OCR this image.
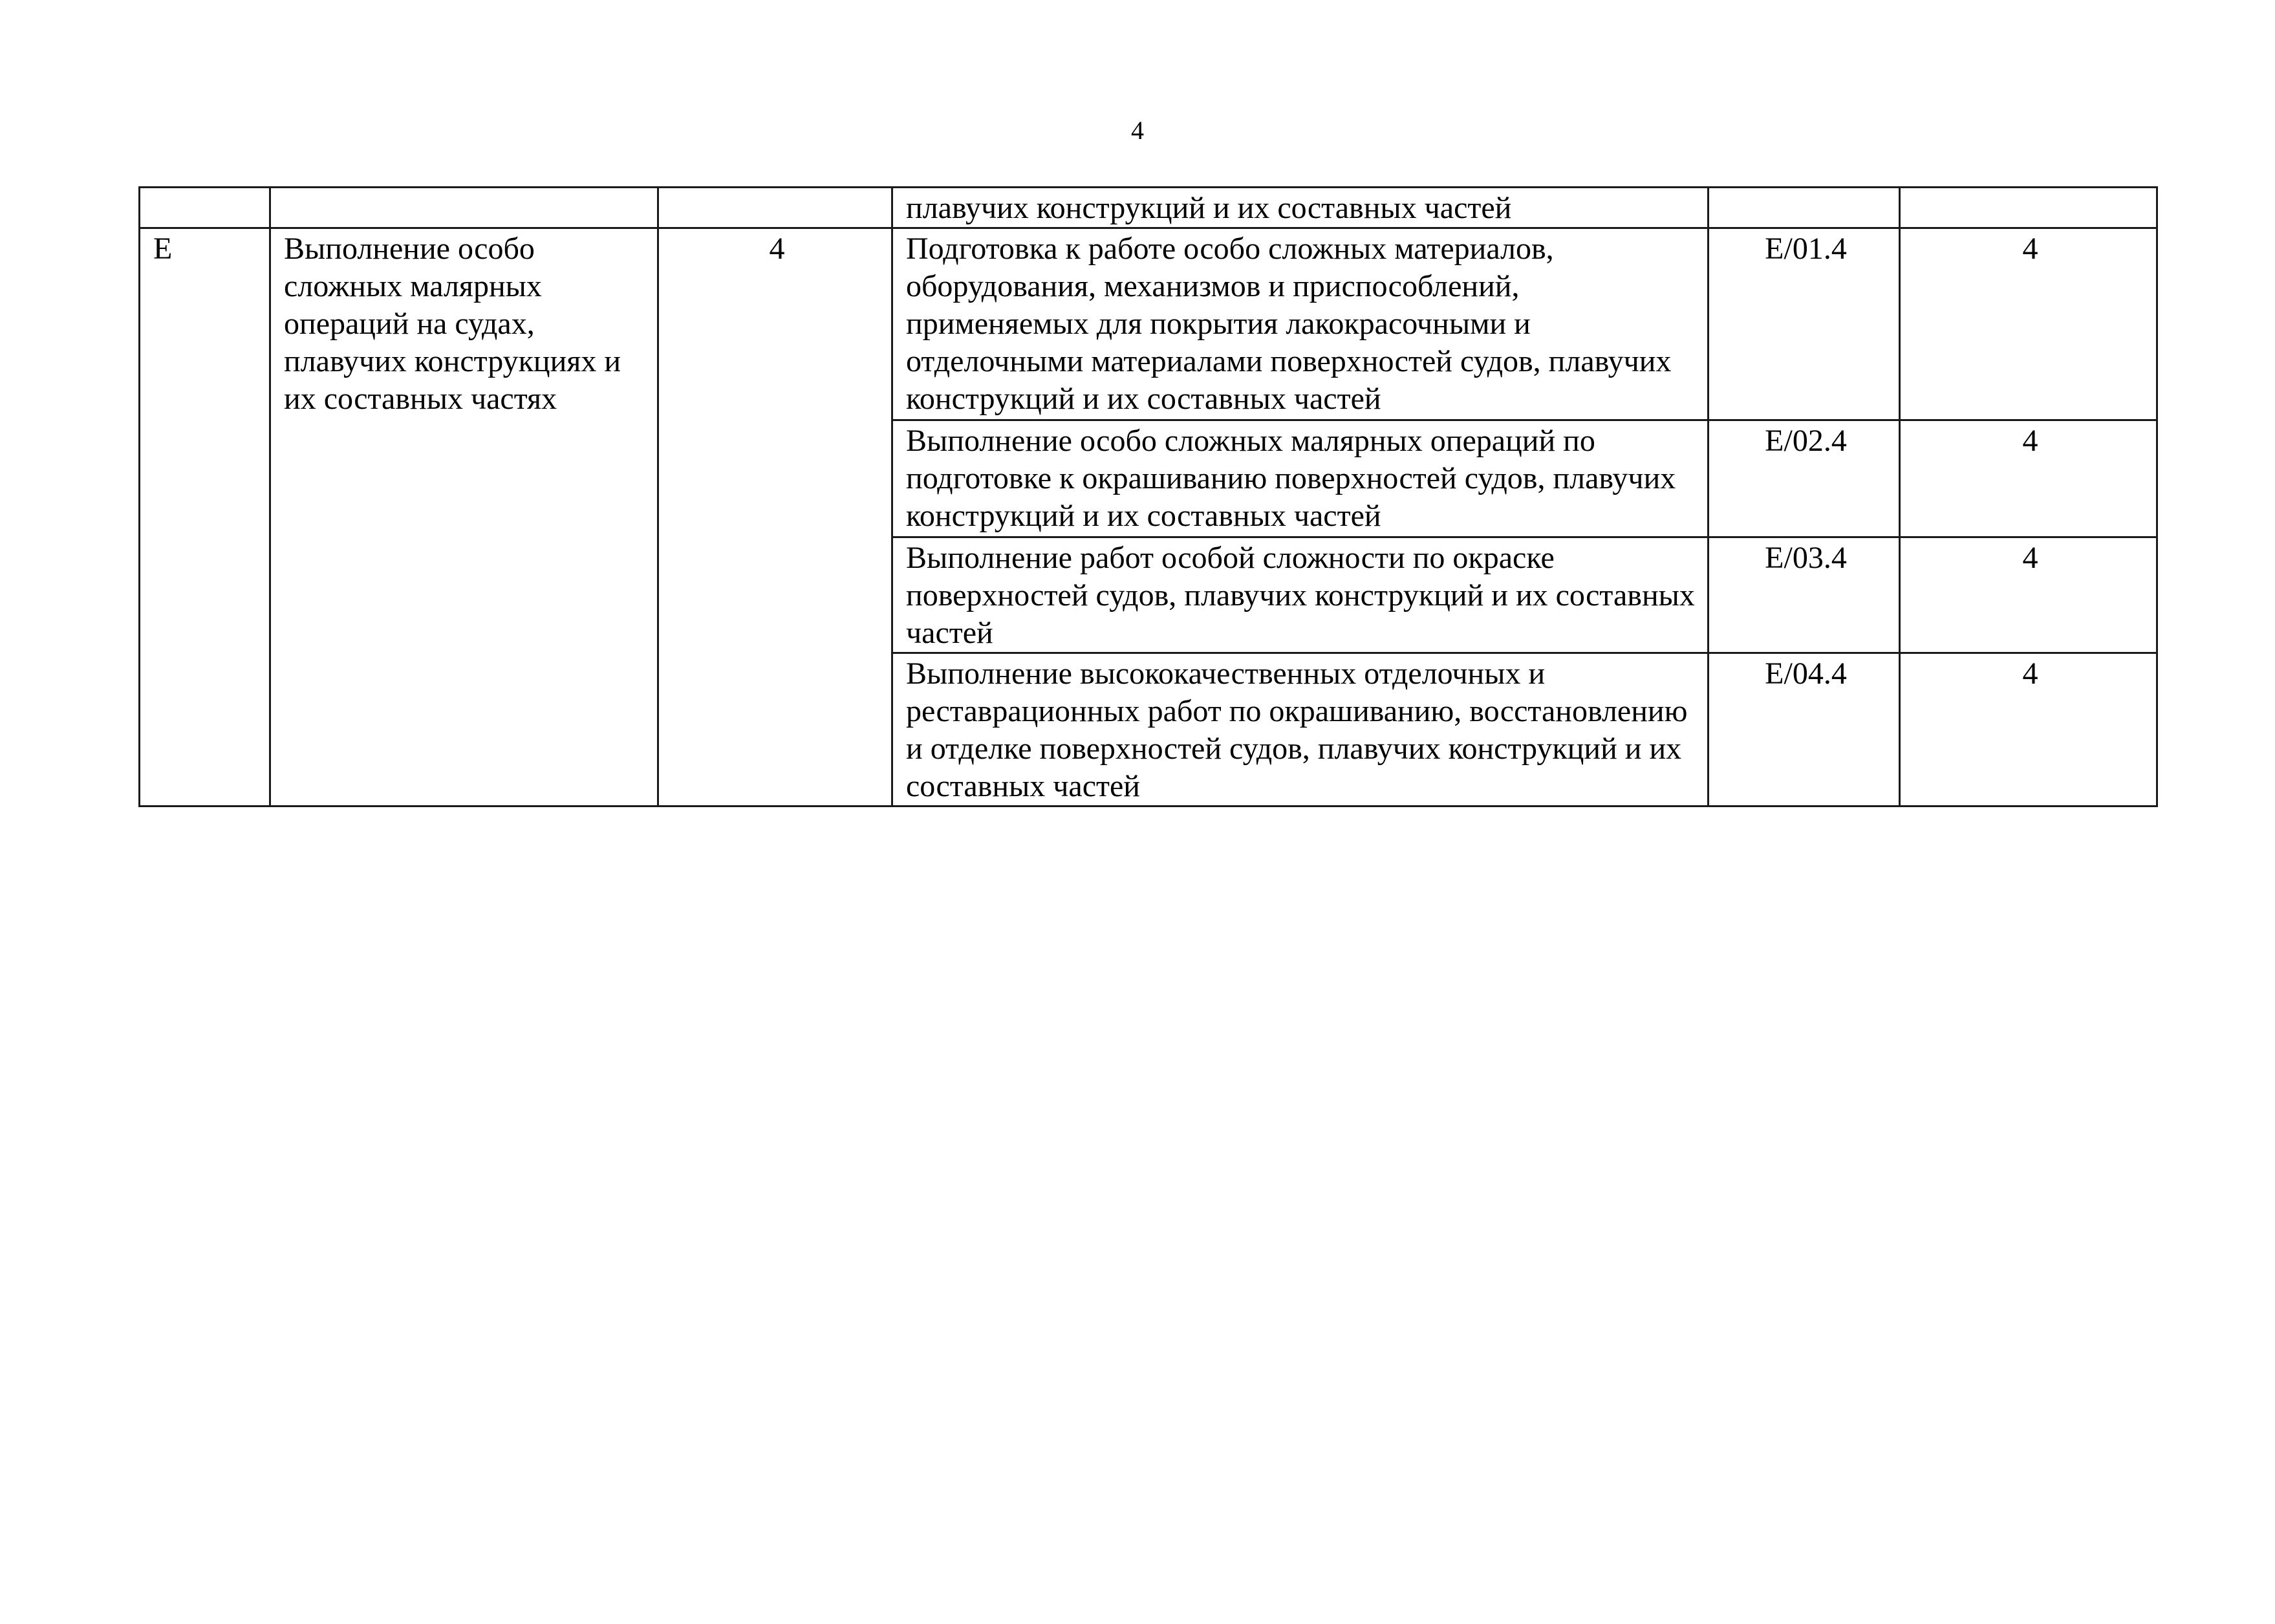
4
			плавучих конструкций и их составных частей		
E	Выполнение особо сложных малярных операций на судах, плавучих конструкциях и их составных частях	4	Подготовка к работе особо сложных материалов, оборудования, механизмов и приспособлений, применяемых для покрытия лакокрасочными и отделочными материалами поверхностей судов, плавучих конструкций и их составных частей	E/01.4	4
			Выполнение особо сложных малярных операций по подготовке к окрашиванию поверхностей судов, плавучих конструкций и их составных частей	E/02.4	4
			Выполнение работ особой сложности по окраске поверхностей судов, плавучих конструкций и их составных частей	E/03.4	4
			Выполнение высококачественных отделочных и реставрационных работ по окрашиванию, восстановлению и отделке поверхностей судов, плавучих конструкций и их составных частей	E/04.4	4
